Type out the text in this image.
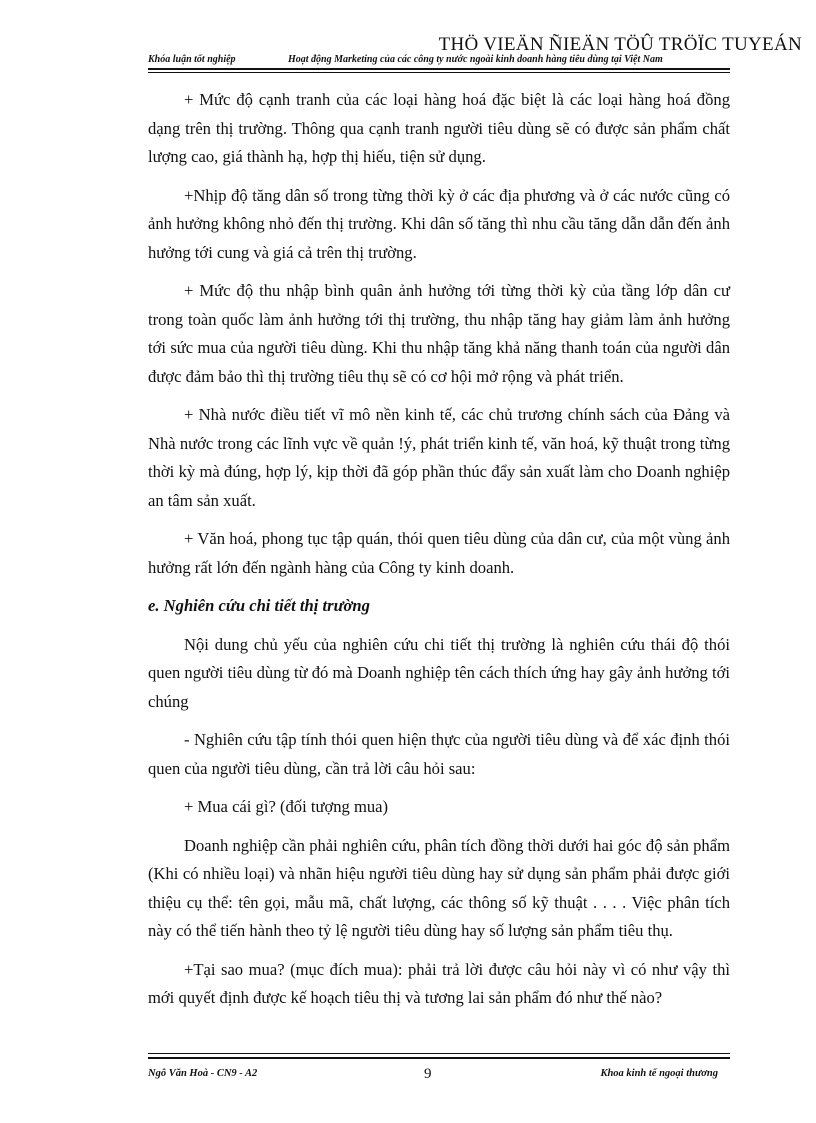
THÖ VIEÄN ÑIEÄN TÖÛ TRÖÏC TUYEÁN
Khóa luận tốt nghiệp	Hoạt động Marketing của các công ty nước ngoài kinh doanh hàng tiêu dùng tại Việt Nam

+ Mức độ cạnh tranh của các loại hàng hoá đặc biệt là các loại hàng hoá đồng dạng trên thị trường. Thông qua cạnh tranh người tiêu dùng sẽ có được sản phẩm chất lượng cao, giá thành hạ, hợp thị hiếu, tiện sử dụng.

+Nhịp độ tăng dân số trong từng thời kỳ ở các địa phương và ở các nước cũng có ảnh hưởng không nhỏ đến thị trường. Khi dân số tăng thì nhu cầu tăng dẫn dẫn đến ảnh hưởng tới cung và giá cả trên thị trường.

+ Mức độ thu nhập bình quân ảnh hưởng tới từng thời kỳ của tầng lớp dân cư trong toàn quốc làm ảnh hưởng tới thị trường, thu nhập tăng hay giảm làm ảnh hưởng tới sức mua của người tiêu dùng. Khi thu nhập tăng khả năng thanh toán của người dân được đảm bảo thì thị trường tiêu thụ sẽ có cơ hội mở rộng và phát triển.

+ Nhà nước điều tiết vĩ mô nền kinh tế, các chủ trương chính sách của Đảng và Nhà nước trong các lĩnh vực về quản !ý, phát triển kinh tế, văn hoá, kỹ thuật trong từng thời kỳ mà đúng, hợp lý, kịp thời đã góp phần thúc đẩy sản xuất làm cho Doanh nghiệp an tâm sản xuất.

+ Văn hoá, phong tục tập quán, thói quen tiêu dùng của dân cư, của một vùng ảnh hưởng rất lớn đến ngành hàng của Công ty kinh doanh.

e. Nghiên cứu chi tiết thị trường

Nội dung chủ yếu của nghiên cứu chi tiết thị trường là nghiên cứu thái độ thói quen người tiêu dùng từ đó mà Doanh nghiệp tên cách thích ứng hay gây ảnh hưởng tới chúng

- Nghiên cứu tập tính thói quen hiện thực của người tiêu dùng và để xác định thói quen của người tiêu dùng, cần trả lời câu hỏi sau:

+ Mua cái gì? (đối tượng mua)

Doanh nghiệp cần phải nghiên cứu, phân tích đồng thời dưới hai góc độ sản phẩm (Khi có nhiều loại) và nhãn hiệu người tiêu dùng hay sử dụng sản phẩm phải được giới thiệu cụ thể: tên gọi, mẫu mã, chất lượng, các thông số kỹ thuật . . . . Việc phân tích này có thể tiến hành theo tỷ lệ người tiêu dùng hay số lượng sản phẩm tiêu thụ.

+Tại sao mua? (mục đích mua): phải trả lời được câu hỏi này vì có như vậy thì mới quyết định được kế hoạch tiêu thị và tương lai sản phẩm đó như thế nào?

Ngô Văn Hoà - CN9 - A2	9	Khoa kinh tế ngoại thương
